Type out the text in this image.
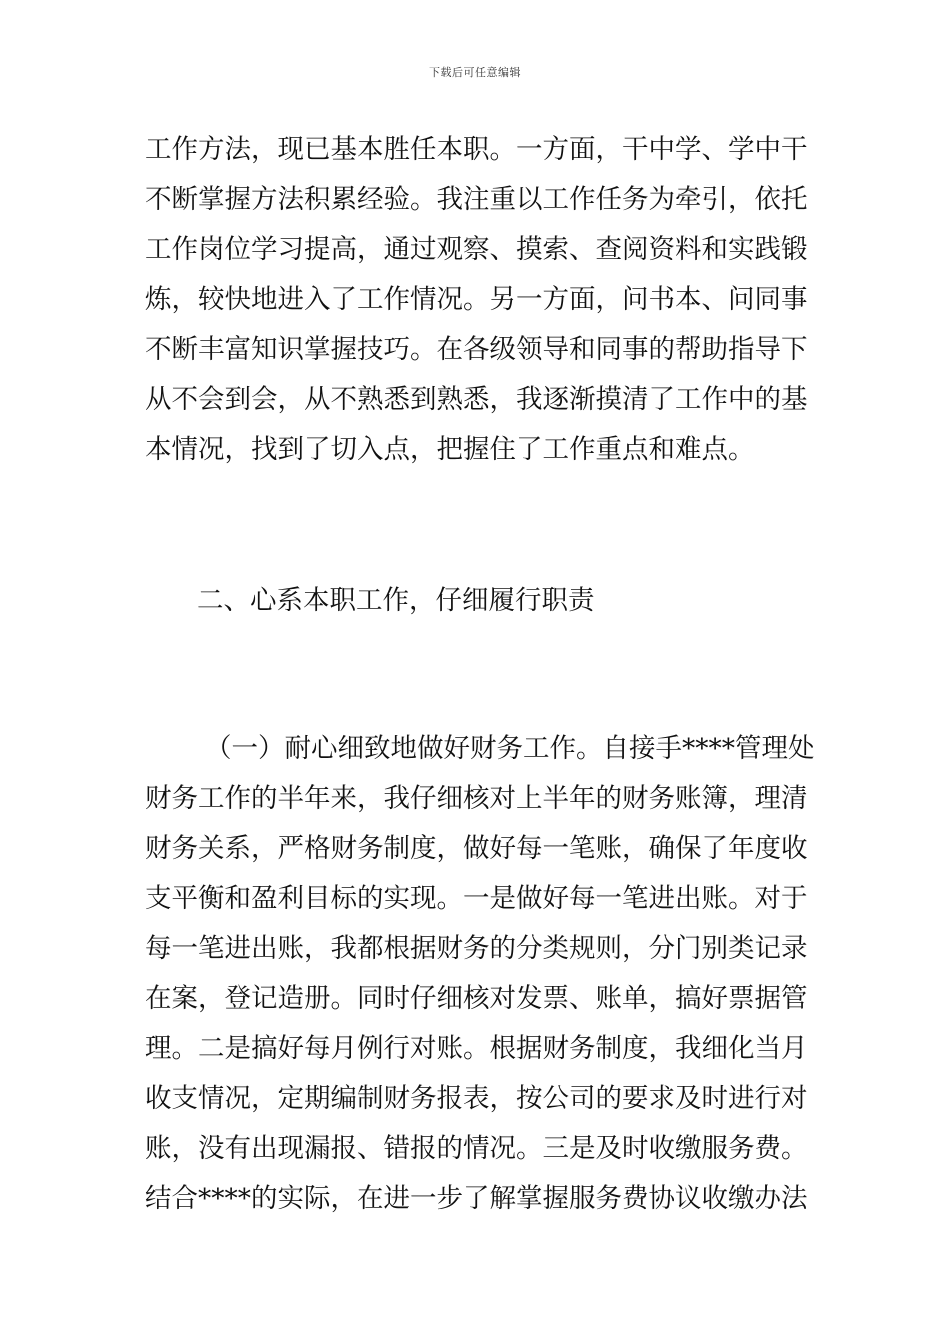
下载后可任意编辑
工作方法，现已基本胜任本职。一方面，干中学、学中干
不断掌握方法积累经验。我注重以工作任务为牵引，依托
工作岗位学习提高，通过观察、摸索、查阅资料和实践锻
炼，较快地进入了工作情况。另一方面，问书本、问同事
不断丰富知识掌握技巧。在各级领导和同事的帮助指导下
从不会到会，从不熟悉到熟悉，我逐渐摸清了工作中的基
本情况，找到了切入点，把握住了工作重点和难点。
二、心系本职工作，仔细履行职责
（一）耐心细致地做好财务工作。自接手****管理处
财务工作的半年来，我仔细核对上半年的财务账簿，理清
财务关系，严格财务制度，做好每一笔账，确保了年度收
支平衡和盈利目标的实现。一是做好每一笔进出账。对于
每一笔进出账，我都根据财务的分类规则，分门别类记录
在案，登记造册。同时仔细核对发票、账单，搞好票据管
理。二是搞好每月例行对账。根据财务制度，我细化当月
收支情况，定期编制财务报表，按公司的要求及时进行对
账，没有出现漏报、错报的情况。三是及时收缴服务费。
结合****的实际，在进一步了解掌握服务费协议收缴办法
